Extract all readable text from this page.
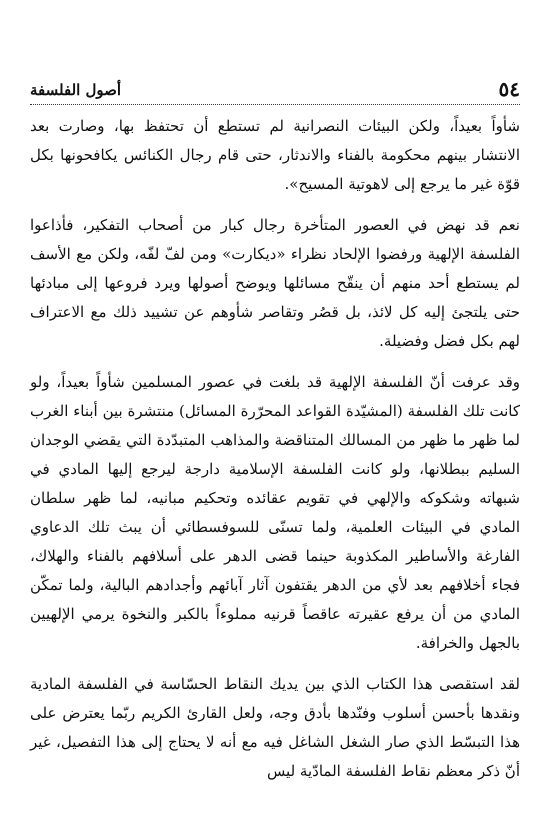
٥٤
أصول الفلسفة

شأواً بعيداً، ولكن البيئات النصرانية لم تستطع أن تحتفظ بها، وصارت بعد الانتشار بينهم محكومة بالفناء والاندثار، حتى قام رجال الكنائس يكافحونها بكل قوّة غير ما يرجع إلى لاهوتية المسيح».

نعم قد نهض في العصور المتأخرة رجال كبار من أصحاب التفكير، فأذاعوا الفلسفة الإلهية ورفضوا الإلحاد نظراء «ديكارت» ومن لفّ لفّه، ولكن مع الأسف لم يستطع أحد منهم أن ينقّح مسائلها ويوضح أصولها ويرد فروعها إلى مبادئها حتى يلتجئ إليه كل لائذ، بل قصُر وتقاصر شأوهم عن تشييد ذلك مع الاعتراف لهم بكل فضل وفضيلة.

وقد عرفت أنّ الفلسفة الإلهية قد بلغت في عصور المسلمين شأواً بعيداً، ولو كانت تلك الفلسفة (المشيّدة القواعد المحرّرة المسائل) منتشرة بين أبناء الغرب لما ظهر ما ظهر من المسالك المتناقضة والمذاهب المتبدّدة التي يقضي الوجدان السليم ببطلانها، ولو كانت الفلسفة الإسلامية دارجة ليرجع إليها المادي في شبهاته وشكوكه والإلهي في تقويم عقائده وتحكيم مبانيه، لما ظهر سلطان المادي في البيئات العلمية، ولما تسنّى للسوفسطائي أن يبث تلك الدعاوي الفارغة والأساطير المكذوبة حينما قضى الدهر على أسلافهم بالفناء والهلاك، فجاء أخلافهم بعد لأي من الدهر يقتفون آثار آبائهم وأجدادهم البالية، ولما تمكّن المادي من أن يرفع عقيرته عاقصاً قرنيه مملوءاً بالكبر والنخوة يرمي الإلهيين بالجهل والخرافة.

لقد استقصى هذا الكتاب الذي بين يديك النقاط الحسّاسة في الفلسفة المادية ونقدها بأحسن أسلوب وفنّدها بأدق وجه، ولعل القارئ الكريم ربّما يعترض على هذا التبسّط الذي صار الشغل الشاغل فيه مع أنه لا يحتاج إلى هذا التفصيل، غير أنّ ذكر معظم نقاط الفلسفة المادّية ليس
